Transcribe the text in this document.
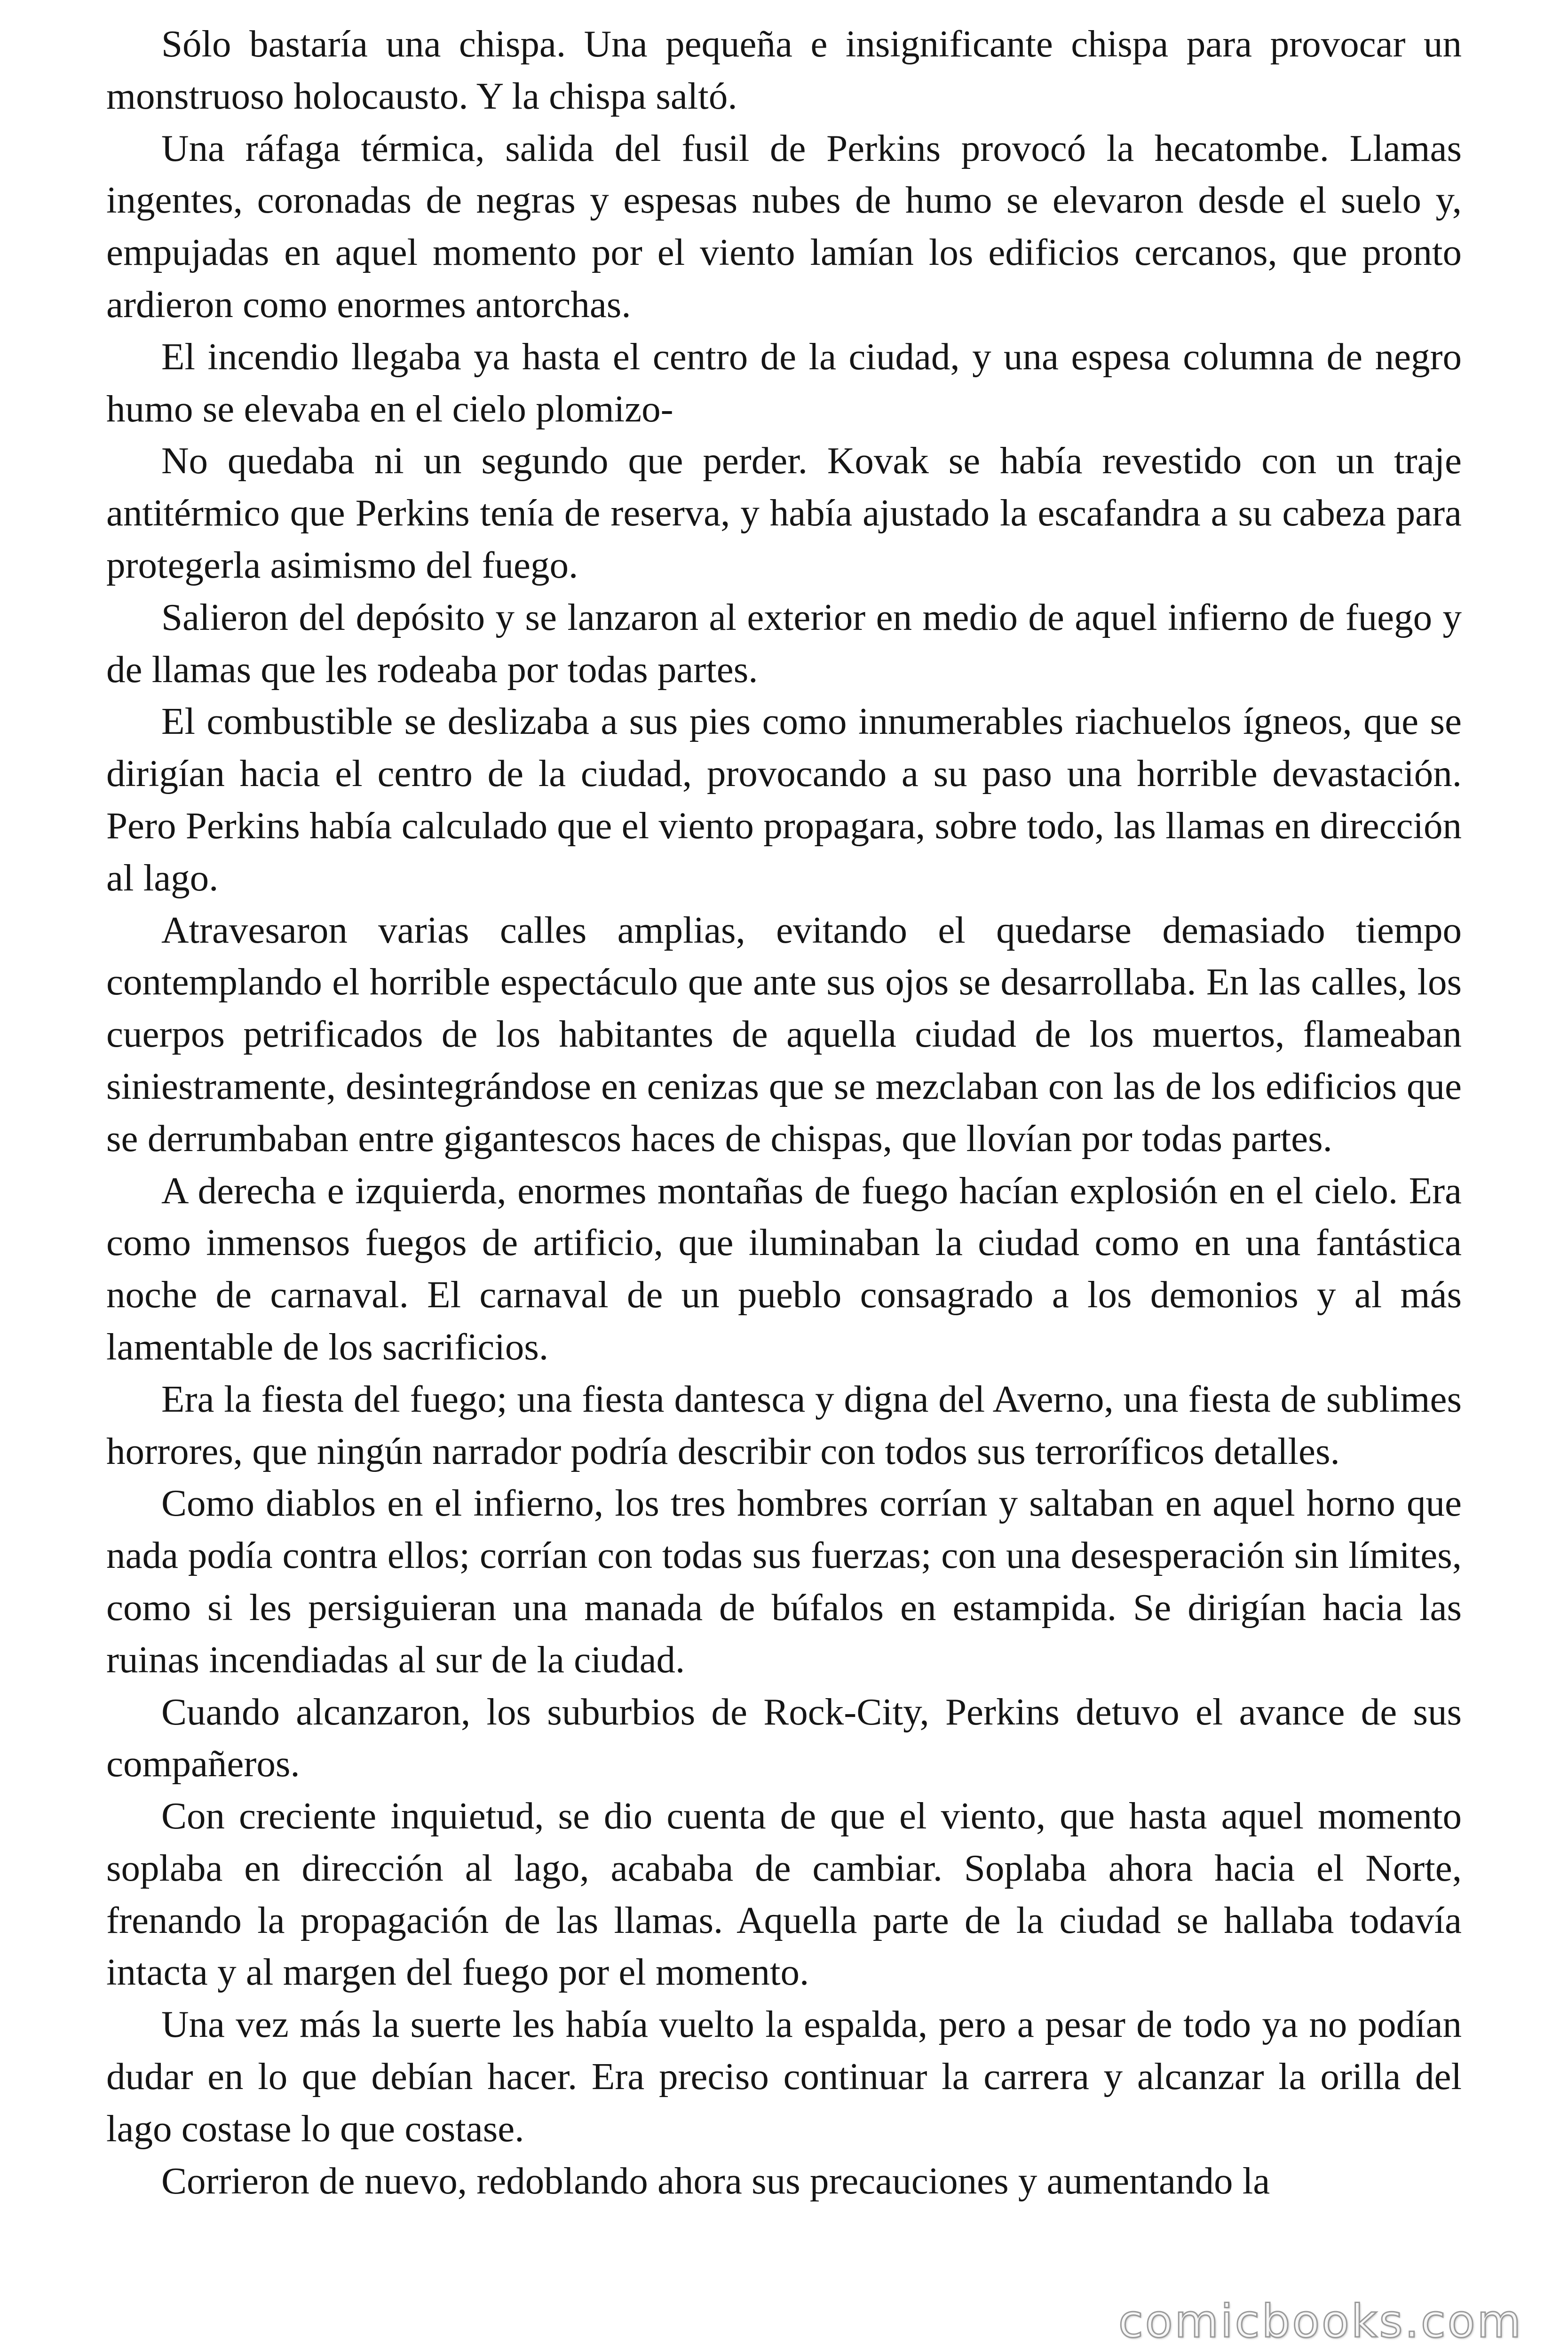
Sólo bastaría una chispa. Una pequeña e insignificante chispa para provocar un monstruoso holocausto. Y la chispa saltó.

Una ráfaga térmica, salida del fusil de Perkins provocó la hecatombe. Llamas ingentes, coronadas de negras y espesas nubes de humo se elevaron desde el suelo y, empujadas en aquel momento por el viento lamían los edificios cercanos, que pronto ardieron como enormes antorchas.

El incendio llegaba ya hasta el centro de la ciudad, y una espesa columna de negro humo se elevaba en el cielo plomizo-

No quedaba ni un segundo que perder. Kovak se había revestido con un traje antitérmico que Perkins tenía de reserva, y había ajustado la escafandra a su cabeza para protegerla asimismo del fuego.

Salieron del depósito y se lanzaron al exterior en medio de aquel infierno de fuego y de llamas que les rodeaba por todas partes.

El combustible se deslizaba a sus pies como innumerables riachuelos ígneos, que se dirigían hacia el centro de la ciudad, provocando a su paso una horrible devastación. Pero Perkins había calculado que el viento propagara, sobre todo, las llamas en dirección al lago.

Atravesaron varias calles amplias, evitando el quedarse demasiado tiempo contemplando el horrible espectáculo que ante sus ojos se desarrollaba. En las calles, los cuerpos petrificados de los habitantes de aquella ciudad de los muertos, flameaban siniestramente, desintegrándose en cenizas que se mezclaban con las de los edificios que se derrumbaban entre gigantescos haces de chispas, que llovían por todas partes.

A derecha e izquierda, enormes montañas de fuego hacían explosión en el cielo. Era como inmensos fuegos de artificio, que iluminaban la ciudad como en una fantástica noche de carnaval. El carnaval de un pueblo consagrado a los demonios y al más lamentable de los sacrificios.

Era la fiesta del fuego; una fiesta dantesca y digna del Averno, una fiesta de sublimes horrores, que ningún narrador podría describir con todos sus terroríficos detalles.

Como diablos en el infierno, los tres hombres corrían y saltaban en aquel horno que nada podía contra ellos; corrían con todas sus fuerzas; con una desesperación sin límites, como si les persiguieran una manada de búfalos en estampida. Se dirigían hacia las ruinas incendiadas al sur de la ciudad.

Cuando alcanzaron, los suburbios de Rock-City, Perkins detuvo el avance de sus compañeros.

Con creciente inquietud, se dio cuenta de que el viento, que hasta aquel momento soplaba en dirección al lago, acababa de cambiar. Soplaba ahora hacia el Norte, frenando la propagación de las llamas. Aquella parte de la ciudad se hallaba todavía intacta y al margen del fuego por el momento.

Una vez más la suerte les había vuelto la espalda, pero a pesar de todo ya no podían dudar en lo que debían hacer. Era preciso continuar la carrera y alcanzar la orilla del lago costase lo que costase.

Corrieron de nuevo, redoblando ahora sus precauciones y aumentando la

comicbooks.com
